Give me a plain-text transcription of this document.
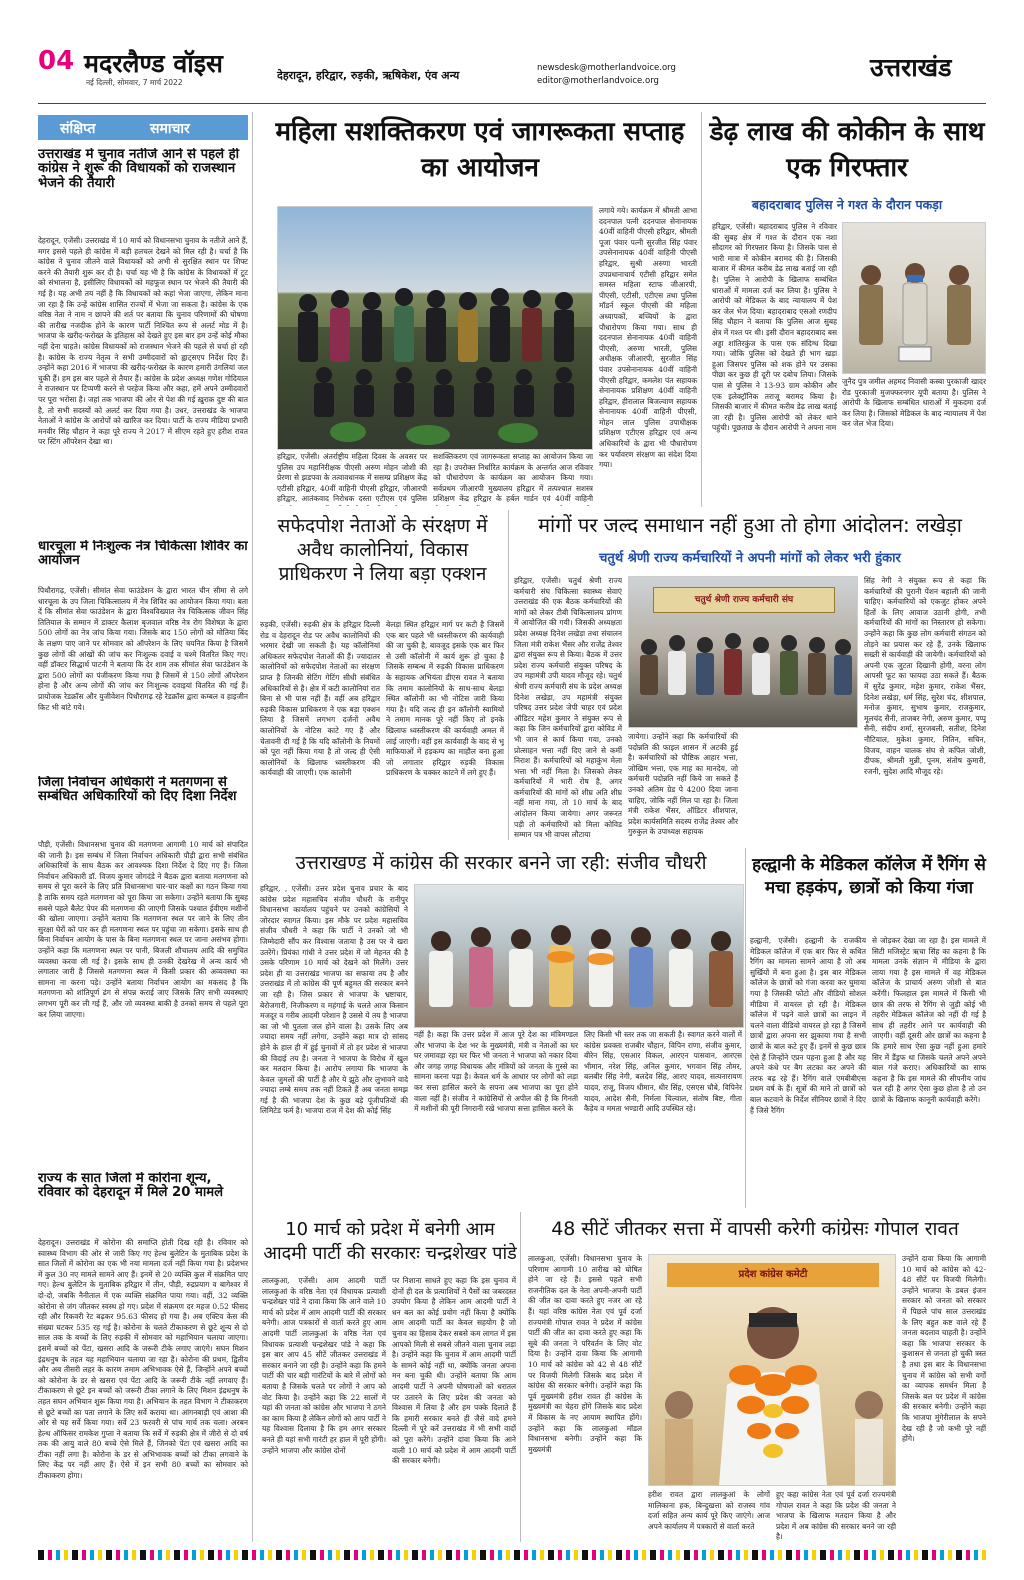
04 मदरलैण्ड वॉइस
नई दिल्ली, सोमवार, 7 मार्च 2022
देहरादून, हरिद्वार, रुड़की, ऋषिकेश, एंव अन्य
newsdesk@motherlandvoice.org
editor@motherlandvoice.org	उत्तराखंड
संक्षिप्त	समाचार
उत्तराखंड में चुनाव नतीजे आने से पहले ही कांग्रेस ने शुरू की विधायकों को राजस्थान भेजने की तैयारी
देहरादून, एजेंसी। उत्तराखंड में 10 मार्च को विधानसभा चुनाव के नतीजे आने हैं, मगर इससे पहले ही कांग्रेस में बड़ी हलचल देखने को मिल रही है। चर्चा है कि कांग्रेस ने चुनाव जीतने वाले विधायकों को अभी से सुरक्षित स्थान पर शिफ्ट करने की तैयारी शुरू कर दी है। चर्चा यह भी है कि कांग्रेस के विधायकों में टूट को संभालना है, इसीलिए विधायकों को महफूज स्थान पर भेजने की तैयारी की गई है। यह अभी तय नहीं है कि विधायकों को कहां भेजा जाएगा, लेकिन माना जा रहा है कि उन्हें कांग्रेस शासित राज्यों में भेजा जा सकता है। कांग्रेस के एक वरिष्ठ नेता ने नाम न छापने की शर्त पर बताया कि चुनाव परिणामों की घोषणा की तारीख नजदीक होने के कारण पार्टी निश्चित रूप से अलर्ट मोड में है। भाजपा के खरीद-फरोख्त के इतिहास को देखते हुए इस बार हम उन्हें कोई मौका नहीं देना चाहते। कांग्रेस विधायकों को राजस्थान भेजने की पहले से चर्चा हो रही है। कांग्रेस के राज्य नेतृत्व ने सभी उम्मीदवारों को ह्वाट्सएप निर्देश दिए हैं। उन्होंने कहा 2016 में भाजपा की खरीद-फरोख्त के कारण हमारी उंगलियां जल चुकी हैं। हम इस बार पहले से तैयार हैं। कांग्रेस के प्रदेश अध्यक्ष गणेश गोदियाल ने राजस्थान पर टिप्पणी करने से परहेज किया और कहा, हमें अपने उम्मीदवारों पर पूरा भरोसा है। जहां तक भाजपा की ओर से पेश की गई ख़ुराक़ दुष्ट की बात है, तो सभी सदस्यों को अलर्ट कर दिया गया है। उधर, उत्तराखंड के भाजपा नेताओं ने कांग्रेस के आरोपों को खारिज कर दिया। पार्टी के राज्य मीडिया प्रभारी मनवीर सिंह चौहान ने कहा पूरे राज्य ने 2017 में सीएम रहते हुए हरीश रावत पर स्टिंग ऑपरेशन देखा था।
धारचूला में निःशुल्क नेत्र चिकित्सा शिविर का आयोजन
पिथौरागढ़, एजेंसी। सीमांत सेवा फाउंडेशन के द्वारा भारत चीन सीमा से लगे धारचूला के उप जिला चिकित्सालय में नेत्र शिविर का आयोजन किया गया। बता दें कि सीमांत सेवा फाउंडेशन के द्वारा विश्वविख्यात नेत्र चिकित्सक जीवन सिंह तितियाल के सम्मान में डाक्टर कैलाश बृजवाल वरिष्ठ नेत्र रोग विशेषज्ञ के द्वारा 500 लोगों का नेत्र जांच किया गया। जिसके बाद 150 लोगों को मोतिया बिंद के लक्षण पाए जाने पर सोमवार को ऑपरेशन के लिए चयनित किया है जिसमें कुछ लोगों की आंखों की जांच कर निःशुल्क दवाई व चश्मे वितरित किए गए। वहीं डॉक्टर सिद्धार्थ पाटनी ने बताया कि देर शाम तक सीमांत सेवा फाउंडेशन के द्वारा 500 लोगों का पंजीकरण किया गया है जिसमें से 150 लोगों ऑपरेशन होना है और अन्य लोगों की जांच कर निःशुल्क दवाइयां वितरित की गई हैं। प्रायोजक रेडक्रॉस और युजीवेशन पिथौरागढ़ रहे रेडक्रॉस द्वारा कम्बल व हाइजीन किट भी बांटे गये।
जिला निर्वाचन अधिकारी ने मतगणना से सम्बंधित अधिकारियों को दिए दिशा निर्देश
पौड़ी, एजेंसी। विधानसभा चुनाव की मतगणना आगामी 10 मार्च को संपादित की जानी है। इस सम्बंध में जिला निर्वाचन अधिकारी पौड़ी द्वारा सभी संबंधित अधिकारियों के साथ बैठक कर आवश्यक दिशा निर्देश दे दिए गए हैं। जिला निर्वाचन अधिकारी डॉ. विजय कुमार जोगदंडे ने बैठक द्वारा बताया मतगणना को समय से पूरा करने के लिए प्रति विधानसभा चार-चार कक्षों का गठन किया गया है ताकि समय रहते मतगणना को पूरा किया जा सकेगा। उन्होंने बताया कि सुबह सबसे पहले बैलेट पेपर की मतगणना की जाएगी जिसके पश्चात ईवीएम मशीनों की खोला जाएगा। उन्होंने बताया कि मतगणना स्थल पर जाने के लिए तीन सुरक्षा घेरों को पार कर ही मतगणना स्थल पर पहुंचा जा सकेगा। इसके साथ ही बिना निर्वाचन आयोग के पास के बिना मतगणना स्थल पर जाना असंभव होगा। उन्होंने कहा कि मतगणना स्थल पर पानी, बिजली शौचालय आदि की समुचित व्यवस्था करवा ली गई है। इसके साथ ही उनकी देखरेख में अन्य कार्य भी लगातार जारी है जिससे मतगणना स्थल में किसी प्रकार की अव्यवस्था का सामना ना करना पड़े। उन्होंने बताया निर्वाचन आयोग का मकसद है कि मतगणना को शांतिपूर्ण ढंग से संपन्न कराई जाए जिसके लिए सभी व्यवस्थाएं लगभग पूरी कर ली गई हैं, और जो व्यवस्था बाकी है उनको समय से पहले पूरा कर लिया जाएगा।
राज्य के सात जिलों में कोरोना शून्य, रविवार को देहरादून में मिले 20 मामले
देहरादून। उत्तराखंड में कोरोना की समाप्ति होती दिख रही है। रविवार को स्वास्थ्य विभाग की ओर से जारी किए गए हेल्थ बुलेटिन के मुताबिक प्रदेश के सात जिलों में कोरोना का एक भी नया मामला दर्ज नहीं किया गया है। प्रदेशभर में कुल 30 नए मामले सामने आए हैं। इनमें से 20 व्यक्ति कुल में संक्रमित पाए गए। हेल्थ बुलेटिन के मुताबिक हरिद्वार में तीन, पौड़ी, रुद्रप्रयाग व बागेश्वर में दो-दो, जबकि नैनीताल में एक व्यक्ति संक्रमित पाया गया। वहीं, 32 व्यक्ति कोरोना से जंग जीतकर स्वस्थ हो गए। प्रदेश में संक्रमण दर महज 0.52 फीसद रही और रिकवरी रेट बढ़कर 95.63 फीसद हो गया है। अब एक्टिव केस की संख्या घटकर 535 रह गई है। कोरोना के चलते टीकाकरण से छूटे शून्य से दो साल तक के बच्चों के लिए रुड़की में सोमवार को महाभियान चलाया जाएगा। इसमें बच्चों को पेंटा, खसरा आदि के जरूरी टीके लगाए जाएंगे। सघन मिशन इंद्रधनुष के तहत यह महाभियान चलाया जा रहा है। कोरोना की प्रथम, द्वितीय और अब तीसरी लहर के कारण तमाम अभिभावक ऐसे हैं, जिन्होंने अपने बच्चों को कोरोना के डर से खसरा एवं पेंटा आदि के जरूरी टीके नहीं लगवाए हैं। टीकाकरण से छूटे इन बच्चों को जरूरी टीका लगाने के लिए मिशन इंद्रधनुष के तहत सघन अभियान शुरू किया गया है। अभियान के तहत विभाग ने टीकाकरण से छूटे बच्चों का पता लगाने के लिए सर्वे कराया था। आंगनबाड़ी एवं आशा की ओर से यह सर्वे किया गया। सर्वे 23 फरवरी से पांच मार्च तक चला। अरबन हेल्थ ऑफिसर रामकेश गुप्ता ने बताया कि सर्वे में रुड़की क्षेत्र में जीरो से दो वर्ष तक की आयु वाले 80 बच्चे ऐसे मिले हैं, जिनको पेंटा एवं खसरा आदि का टीका नहीं लगा है। कोरोना के डर से अभिभावक बच्चों को टीका लगवाने के लिए केंद्र पर नहीं आए हैं। ऐसे में इन सभी 80 बच्चों का सोमवार को टीकाकरण होगा।
महिला सशक्तिकरण एवं जागरूकता सप्ताह का आयोजन
हरिद्वार, एजेंसी। अंतर्राष्ट्रीय महिला दिवस के अवसर पर पुलिस उप महानिरीक्षक पीएसी अरुण मोहन जोशी की प्रेरणा से झडपवा के तत्वावधानक में ससम्प्र प्रशिक्षण केंद्र एटीसी हरिद्वार, 40वीं वाहिनी पीएसी हरिद्वार, जीआरपी हरिद्वार, आतंकवाद निरोधक दस्ता एटीएस एवं पुलिस
सशक्तिकरण एवं जागरूकता सप्ताह का आयोजन किया जा रहा है। उपरोक्त निर्धारित कार्यक्रम के अन्तर्गत आज रविवार को पौधारोपण के कार्यक्रम का आयोजन किया गया। सर्वप्रथम जीआरपी मुख्यालय हरिद्वार में तत्पश्चात सशस्त्र प्रशिक्षण केंद्र हरिद्वार के हर्बल गार्डन एवं 40वीं वाहिनी
लगाये गये। कार्यक्रम में श्रीमती आभा ददनपाल पत्नी ददनपाल सेनानायक 40वीं वाहिनी पीएसी हरिद्वार, श्रीमती पूजा पंवार पत्नी सुरजीत सिंह पंवार उपसेनानायक 40वीं वाहिनी पीएसी हरिद्वार, सुश्री अरुणा भारती उपप्रधानाचार्य एटीसी हरिद्वार समेत समस्त महिला स्टाफ जीआरपी, पीएसी, एटीसी, एटीएस तथा पुलिस मॉडर्न स्कूल पीएसी की महिला अध्यापकों, बच्चियों के द्वारा पौधारोपण किया गया। साथ ही ददनपाल सेनानायक 40वीं वाहिनी पीएसी, अरुणा भारती, पुलिस अधीक्षक जीआरपी, सुरजीत सिंह पंवार उपसेनानायक 40वीं वाहिनी पीएसी हरिद्वार, कमलेश पंत सहायक सेनानायक प्रशिक्षण 40वीं वाहिनी हरिद्वार, हीरालाल बिजल्वाण सहायक सेनानायक 40वीं वाहिनी पीएसी, मोहन लाल पुलिस उपाधीक्षक प्रशिक्षण एटीएस हरिद्वार एवं अन्य अधिकारियों के द्वारा भी पौधारोपण कर पर्यावरण संरक्षण का संदेश दिया गया।
डेढ़ लाख की कोकीन के साथ एक गिरफ्तार
बहादराबाद पुलिस ने गश्त के दौरान पकड़ा
हरिद्वार, एजेंसी। बहादराबाद पुलिस ने रविवार की सुबह क्षेत्र में गश्त के दौरान एक नशा सौदागर को गिरफ्तार किया है। जिसके पास से भारी मात्रा में कोकीन बरामद की है। जिसकी बाजार में कीमत करीब डेढ़ लाख बताई जा रही है। पुलिस ने आरोपी के खिलाफ सम्बंधित धाराओं में मामला दर्ज कर लिया है। पुलिस ने आरोपी को मेडिकल के बाद न्यायालय में पेश कर जेल भेज दिया। बहादराबाद एसओ रणदीप सिंह चौहान ने बताया कि पुलिस आज सुबह क्षेत्र में गश्त पर थी। इसी दौरान बहादराबाद बस अड्डा शांतिरकुंज के पास एक संदिग्ध दिखा गया। जोकि पुलिस को देखते ही भाग खड़ा हुआ जिसपर पुलिस को शक होने पर उसका पीछा कर कुछ ही दूरी पर दबोच लिया। जिसके पास से पुलिस ने 13-93 ग्राम कोकीन और एक इलेक्ट्रॉनिक तराजू बरामद किया है। जिसकी बाजार में कीमत करीब डेढ़ लाख बताई जा रही है। पुलिस आरोपी को लेकर थाने पहुंची। पूछताछ के दौरान आरोपी ने अपना नाम
जुनैद पुत्र जमील अहमद निवासी कस्बा पुरकाजी खादर रोड पुरकाजी मुजफ्फरनगर यूपी बताया है। पुलिस ने आरोपी के खिलाफ सम्बंधित धाराओं में मुकदमा दर्ज कर लिया है। जिसको मेडिकल के बाद न्यायालय में पेश कर जेल भेज दिया।
सफेदपोश नेताओं के संरक्षण में अवैध कालोनियां, विकास प्राधिकरण ने लिया बड़ा एक्शन
रुड़की, एजेंसी। रुड़की क्षेत्र के हरिद्वार दिल्ली रोड व देहरादून रोड पर अवैध कालोनियों की भरमार देखी जा सकती है। यह कॉलोनियां अधिकतर सफेदपोश नेताओं की हैं। ज्यादातर कालोनियों को सफेदपोश नेताओं का संरक्षण प्राप्त है जिनकी सेटिंग गेटिंग सीधी संबंधित अधिकारियों से है। क्षेत्र में कटी कालोनियां रात बिना से भी पास नहीं हैं। वहीं अब हरिद्वार रुड़की विकास प्राधिकरण ने एक बड़ा एक्शन लिया है जिसमें लगभग दर्जनों अवैध कालोनियों के नोटिस काटे गए हैं और चेतावनी दी गई है कि यदि कॉलोनी के नियमों को पूरा नहीं किया गया है तो जल्द ही ऐसी कालोनियों के खिलाफ ध्वस्तीकरण की कार्यवाही की जाएगी। एक कालोनी
बेलड़ा स्थित हरिद्वार मार्ग पर कटी है जिसमें एक बार पहले भी ध्वस्तीकरण की कार्यवाही की जा चुकी है, बावजूद इसके एक बार फिर से उसी कॉलोनी में कार्य शुरू हो चुका है जिसके सम्बन्ध में रुड़की विकास प्राधिकरण के सहायक अभियंता डीएस रावत ने बताया कि तमाम कालोनियों के साथ-साथ बेलड़ा स्थित कॉलोनी का भी नोटिस जारी किया गया है। यदि जल्द ही इन कॉलोनी स्वामियों ने तमाम मानक पूरे नहीं किए तो इनके खिलाफ ध्वस्तीकरण की कार्यवाही अमल में लाई जाएगी। वहीं इस कार्यवाही के बाद से भू माफियाओं में हड़कम्प का माहौल बना हुआ जो लगातार हरिद्वार रुड़की विकास प्राधिकरण के चक्कर काटने में लगे हुए हैं।
मांगों पर जल्द समाधान नहीं हुआ तो होगा आंदोलन: लखेड़ा
चतुर्थ श्रेणी राज्य कर्मचारियों ने अपनी मांगों को लेकर भरी हुंकार
हरिद्वार, एजेंसी। चतुर्थ श्रेणी राज्य कर्मचारी संघ चिकित्सा स्वास्थ्य सेवाएं उत्तराखंड की एक बैठक कर्मचारियों की मांगों को लेकर टीबी चिकित्सालय प्रांगण में आयोजित की गयी। जिसकी अध्यक्षता प्रदेश अध्यक्ष दिनेश लखेड़ा तथा संचालन जिला मंत्री राकेश भैंसर और राजेंद्र तेश्वर द्वारा संयुक्त रूप से किया। बैठक में उत्तर प्रदेश राज्य कर्मचारी संयुक्त परिषद के उप महामंत्री उपी यादव मौजूद रहे। चतुर्थ श्रेणी राज्य कर्मचारी संघ के प्रदेश अध्यक्ष दिनेश लखेड़ा, उप महामंत्री संयुक्त परिषद उत्तर प्रदेश जेपी चाहर एवं प्रदेश ऑडिटर महेश कुमार ने संयुक्त रूप से कहा कि जिन कर्मचारियों द्वारा कोविड में भी जान से कार्य किया गया, उनको प्रोत्साहन भत्ता नहीं दिए जाने से कर्मी निराश हैं। कर्मचारियों को महाकुंभ मेला भत्ता भी नहीं मिला है। जिसको लेकर कर्मचारियों में भारी रोष है, अगर कर्मचारियों की मांगों को शीघ्र अति शीघ्र नहीं माना गया, तो 10 मार्च के बाद आंदोलन किया जायेगा। अगर जरूरत पड़ी तो कर्मचारियों को मिला कोविड सम्मान पत्र भी वापस लौटाया
चतुर्थ श्रेणी राज्य कर्मचारी संघ
जायेगा। उन्होंने कहा कि कर्मचारियों की पदोन्नति की फाइल शासन में अटकी हुई है। कर्मचारियों को पौष्टिक आहार भत्ता, जोखिम भत्ता, एक माह का मानदेय, जो कर्मचारी पदोन्नति नहीं किये जा सकते हैं उनको अतिम ग्रेड पे 4200 दिया जाना चाहिए, जोकि नहीं मिल पा रहा है। जिला मंत्री राकेश भैंसर, ऑडिटर शीशपाल, प्रदेश कार्यसमिति सदस्य राजेंद्र तेश्वर और गुरुकुल के उपाध्यक्ष सहायक
सिंह नेगी ने संयुक्त रूप से कहा कि कर्मचारियों की पुरानी पेंशन बहाली की जानी चाहिए। कर्मचारियों को एकजुट होकर अपने हितों के लिए आवाज उठानी होगी, तभी कर्मचारियों की मांगों का निस्तारण हो सकेगा। उन्होंने कहा कि कुछ लोग कर्मचारी संगठन को तोड़ने का प्रयास कर रहे हैं, उनके खिलाफ सख्ती से कार्यवाही की जायेगी। कर्मचारियों को अपनी एक जुटता दिखानी होगी, वरना लोग आपसी फूट का फायदा उठा सकते हैं। बैठक में सुरेंद्र कुमार, महेश कुमार, राकेश भैंसर, दिनेश लखेड़ा, धर्म सिंह, सुरेश चंद, शीशपाल, मनोज कुमार, सुभाष कुमार, राजकुमार, मूलचंद सैनी, ताजबर नेगी, अरुण कुमार, पप्पू सैनी, संदीप शर्मा, सुरजबली, सतीश, दिनेश नौटियाल, मुकेश कुमार, नितिन, सचिन, विजय, वाहन चालक संघ से कपिल जोशी, दीपक, श्रीमती मुन्नी, पूनम, संतोष कुमारी, रजनी, सुदेश आदि मौजूद रहे।
उत्तराखण्ड में कांग्रेस की सरकार बनने जा रही: संजीव चौधरी
हरिद्वार, , एजेंसी। उत्तर प्रदेश चुनाव प्रचार के बाद कांग्रेस प्रदेश महासचिव संजीव चौधरी के रानीपुर विधानसभा कार्यालय पहुंचने पर उनको कांग्रेसियों ने जोरदार स्वागत किया। इस मौके पर प्रदेश महासचिव संजीव चौधरी ने कहा कि पार्टी ने उनको जो भी जिम्मेदारी सौंप कर विश्वास जताया है उस पर वे खरा उतरेंगे। प्रियंका गांधी ने उत्तर प्रदेश में जो मेहनत की है उसके परिणाम 10 मार्च को देखने को मिलेंगे। उत्तर प्रदेश ही या उत्तराखंड भाजपा का सफाया तय है और उत्तराखंड में तो कांग्रेस की पूर्ण बहुमत की सरकार बनने जा रही है। जिस प्रकार से भाजपा के भ्रष्टाचार, बेरोजगारी, निजीकरण व महंगाई के चलते आज किसान मजदूर व गरीब आदमी परेशान है उससे ये तय है भाजपा का जो भी पुतला जल होने वाला है। उसके लिए अब ज्यादा समय नहीं लगेगा, उन्होंने कहा मात्र दो सांसद होने के हाल ही में हुई चुनावों में तो हर प्रदेश से भाजपा की विदाई तय है। जनता ने भाजपा के विरोध में खुल कर मतदान किया है। आरोप लगाया कि भाजपा के केवल जुमलों की पार्टी है और ये झूठे और लुभावने वादे ज्यादा लम्बे समय तक नहीं टिकते हैं अब जनता समझ गई है की भाजपा देश के कुछ बड़े पूंजीपतियों की लिमिटेड फर्म है। भाजपा राज में देश की कोई सिंह
नहीं है। कहा कि उत्तर प्रदेश में आज पूरे देश का मंत्रिमण्डल और भाजपा के देश भर के मुख्यमंत्री, मंत्री व नेताओं का घर घर जमावड़ा रहा घर फिर भी जनता ने भाजपा को नकार दिया और जगह जगह विधायक और मंत्रियों को जनता के गुस्से का सामना करना पड़ा है। केवल धर्म के आधार पर लोगों को लड़ा कर सत्ता हासिल करने के सपना अब भाजपा का पूरा होने वाला नहीं है। संजीव ने कांग्रेसियों से अपील की है कि गिनती में मशीनों की पूरी निगरानी रखे भाजपा सत्ता हासिल करने के
लिए किसी भी स्तर तक जा सकती है। स्वागत करने वालों में कांग्रेस प्रवक्ता राजबीर चौहान, विपिन राणा, संजीव कुमार, बीरेन सिंह, एसआर विकल, आरएन पासवान, आरएस भीमान, नरेश सिंह, अनिल कुमार, भगवान सिंह तोमर, बलबीर सिंह नेगी, बलदेव सिंह, आरए यादव, सत्यनारायण यादव, राजू, विजय धीमान, धीर सिंह, एसएस चौबे, विपिनेर यादव, आदेश सैनी, निर्मला चिल्वाल, संतोष बिष्ट, गीता कैड़ेय व ममता भण्डारी आदि उपस्थित रहे।
हल्द्वानी के मेडिकल कॉलेज में रैगिंग से मचा हड़कंप, छात्रों को किया गंजा
हल्द्वानी, एजेंसी। हल्द्वानी के राजकीय मेडिकल कॉलेज में एक बार फिर से कथित रैगिंग का मामला सामने आया है जो अब सुर्खियों में बना हुआ है। इस बार मेडिकल कॉलेज के छात्रों को गंजा करवा कर घुमाया गया है जिसकी फोटो और वीडियो सोशल मीडिया में वायरल हो रही है। मेडिकल कॉलेज में पढ़ने वाले छात्रों का लाइन में चलने वाला वीडियो वायरल हो रहा है जिसमें छात्रों द्वारा अपना सर झुकाया गया है सभी छात्रों के बाल कटे हुए हैं। इनमें से कुछ छात्र ऐसे हैं जिन्होंने एप्रन पहना हुआ है और यह अपने कंधे पर बैग लटका कर अपने की तरफ बढ़ रहे हैं। रैगिंग वाले एमबीबीएस प्रथम वर्ष के हैं। सूत्रों की माने तो छात्रों को बाल कटवाने के निर्देश सीनियर छात्रों ने दिए हैं जिसे रैगिंग
से जोड़कर देखा जा रहा है। इस मामले में सिटी मजिस्ट्रेट ऋचा सिंह का कहना है कि मामला उनके संज्ञान में मीडिया के द्वारा लाया गया है इस मामले में वह मेडिकल कॉलेज के प्राचार्य अरुण जोशी से बात करेंगी। फिलहाल इस मामले में किसी भी छात्र की तरफ से रैगिंग से जुड़ी कोई भी तहरीर मेडिकल कॉलेज को नहीं दी गई है साथ ही तहरीर आने पर कार्यवाही की जाएगी। वहीं दूसरी ओर छात्रों का कहना है कि हमारे साथ ऐसा कुछ नहीं हुआ हमारे सिर में डैंड्रफ था जिसके चलते अपने अपने बाल गंजे कराए। अधिकारियों का साफ कहना है कि इस मामले की सीपनीय जांच चल रही है अगर ऐसा कुछ होता है तो उन छात्रों के खिलाफ कानूनी कार्यवाही करेंगे।
10 मार्च को प्रदेश में बनेगी आम आदमी पार्टी की सरकारः चन्द्रशेखर पांडे
लालकुआ, एजेंसी। आम आदमी पार्टी लालकुआं के वरिष्ठ नेता एवं विधायक प्रत्याशी चन्द्रशेखर पांडे ने दावा किया कि आने वाले 10 मार्च को प्रदेश में आम आदमी पार्टी की सरकार बनेगी। आज पत्रकारों से वार्ता करते हुए आम आदमी पार्टी लालकुआं के वरिष्ठ नेता एवं विधायक प्रत्याशी चन्द्रशेखर पांडे ने कहा कि इस बार आप 45 सीटें जीतकर उत्तराखंड में सरकार बनाने जा रही है। उन्होंने कहा कि हमने पार्टी की चार बड़ी गारंटियों के बारे में लोगों को बताया है जिसके चलते पर लोगों ने आप को वोट किया है। उन्होंने कहा कि 22 सालों में यहां की जनता को कांग्रेस और भाजपा ने ठगने का काम किया है लेकिन लोगों को आप पार्टी ने यह विश्वास दिलाया है कि हम अगर सरकार बनते ही यहां सभी गारंटी हर हाल में पूरी होंगी। उन्होंने भाजपा और कांग्रेस दोनों
पर निशाना साधते हुए कहा कि इस चुनाव में दोनों ही दल के प्रत्याशियों ने पैसों का जबरदस्त उपयोग किया है लेकिन आम आदमी पार्टी ने धन बल का कोई प्रयोग नहीं किया है क्योंकि आम आदमी पार्टी का केवल सहयोग है जो चुनाव का हिसाब देकर सबसे कम लागत में इस आपको मिली से सबसे जीतने वाला चुनाव लड़ा है। उन्होंने कहा कि चुनाव में आम आदमी पार्टी के सामने कोई नहीं था, क्योंकि जनता अपना मन बना चुकी थी। उन्होंने बताया कि आम आदमी पार्टी ने अपनी घोषणाओं को धरातल पर उतारने के लिए प्रदेश की जनता को विश्वास में लिया है और हम पक्के दिलाते हैं कि हमारी सरकार बनते ही जैसे वादे हमने दिल्ली में पूरे करें उत्तराखंड में भी सभी वादों को पूरा करेंगे। उन्होंने दावा किया कि आने वाली 10 मार्च को प्रदेश में आम आदमी पार्टी की सरकार बनेगी।
48 सीटें जीतकर सत्ता में वापसी करेगी कांग्रेसः गोपाल रावत
लालकुआ, एजेंसी। विधानसभा चुनाव के परिणाम आगामी 10 तारीख को घोषित होने जा रहे हैं। इससे पहले सभी राजनीतिक दल के नेता अपनी-अपनी पार्टी की जीत का दावा करते हुए नजर आ रहे हैं। यहां वरिष्ठ कांग्रेस नेता एवं पूर्व दर्जा राज्यमंत्री गोपाल रावत ने प्रदेश में कांग्रेस पार्टी की जीत का दावा करते हुए कहा कि सूबे की जनता ने परिवर्तन के लिए वोट दिया है। उन्होंने दावा किया कि आगामी 10 मार्च को कांग्रेस को 42 से 48 सीटें पर विजयी मिलेगी जिसके बाद प्रदेश में कांग्रेस की सरकार बनेगी। उन्होंने कहा कि पूर्व मुख्यमंत्री हरीश रावत ही कांग्रेस के मुख्यमंत्री का चेहरा होंगे जिसके बाद प्रदेश में विकास के नए आयाम स्थापित होंगे। उन्होंने कहा कि लालकुआं मॉडल विधानसभा बनेगी। उन्होंने कहा कि मुख्यमंत्री
प्रदेश कांग्रेस कमेटी
हरीश रावत द्वारा लालकुआं के लोगों मालिकाना हक, बिन्दुखत्ता को राजस्व गांव दर्जा सहित अन्य कार्य पूरे किए जाएंगे। आज अपने कार्यालय में पत्रकारों से वार्ता करते
हुए कहा कांग्रेस नेता एवं पूर्व दर्जा राज्यमंत्री गोपाल रावत ने कहा कि प्रदेश की जनता ने भाजपा के खिलाफ मतदान किया है और प्रदेश में अब कांग्रेस की सरकार बनने जा रही है।
उन्होंने दावा किया कि आगामी 10 मार्च को कांग्रेस को 42-48 सीटें पर विजयी मिलेगी। उन्होंने भाजपा के डबल इंजन सरकार को जनता को सरकार में पिछले पांच साल उत्तराखंड के लिए बहुत कष्ट वाले रहे हैं जनता बदलाव चाहती है। उन्होंने कहा कि भाजपा सरकार के कुशासन से जनता हो चुकी त्रस्त है तथा इस बार के विधानसभा चुनाव में कांग्रेस को सभी वर्गों का व्यापक समर्थन मिला है जिसके बल पर प्रदेश में कांग्रेस की सरकार बनेगी। उन्होंने कहा कि भाजपा मुंगेरीलाल के सपने देख रही है जो कभी पूरे नहीं होंगे।
